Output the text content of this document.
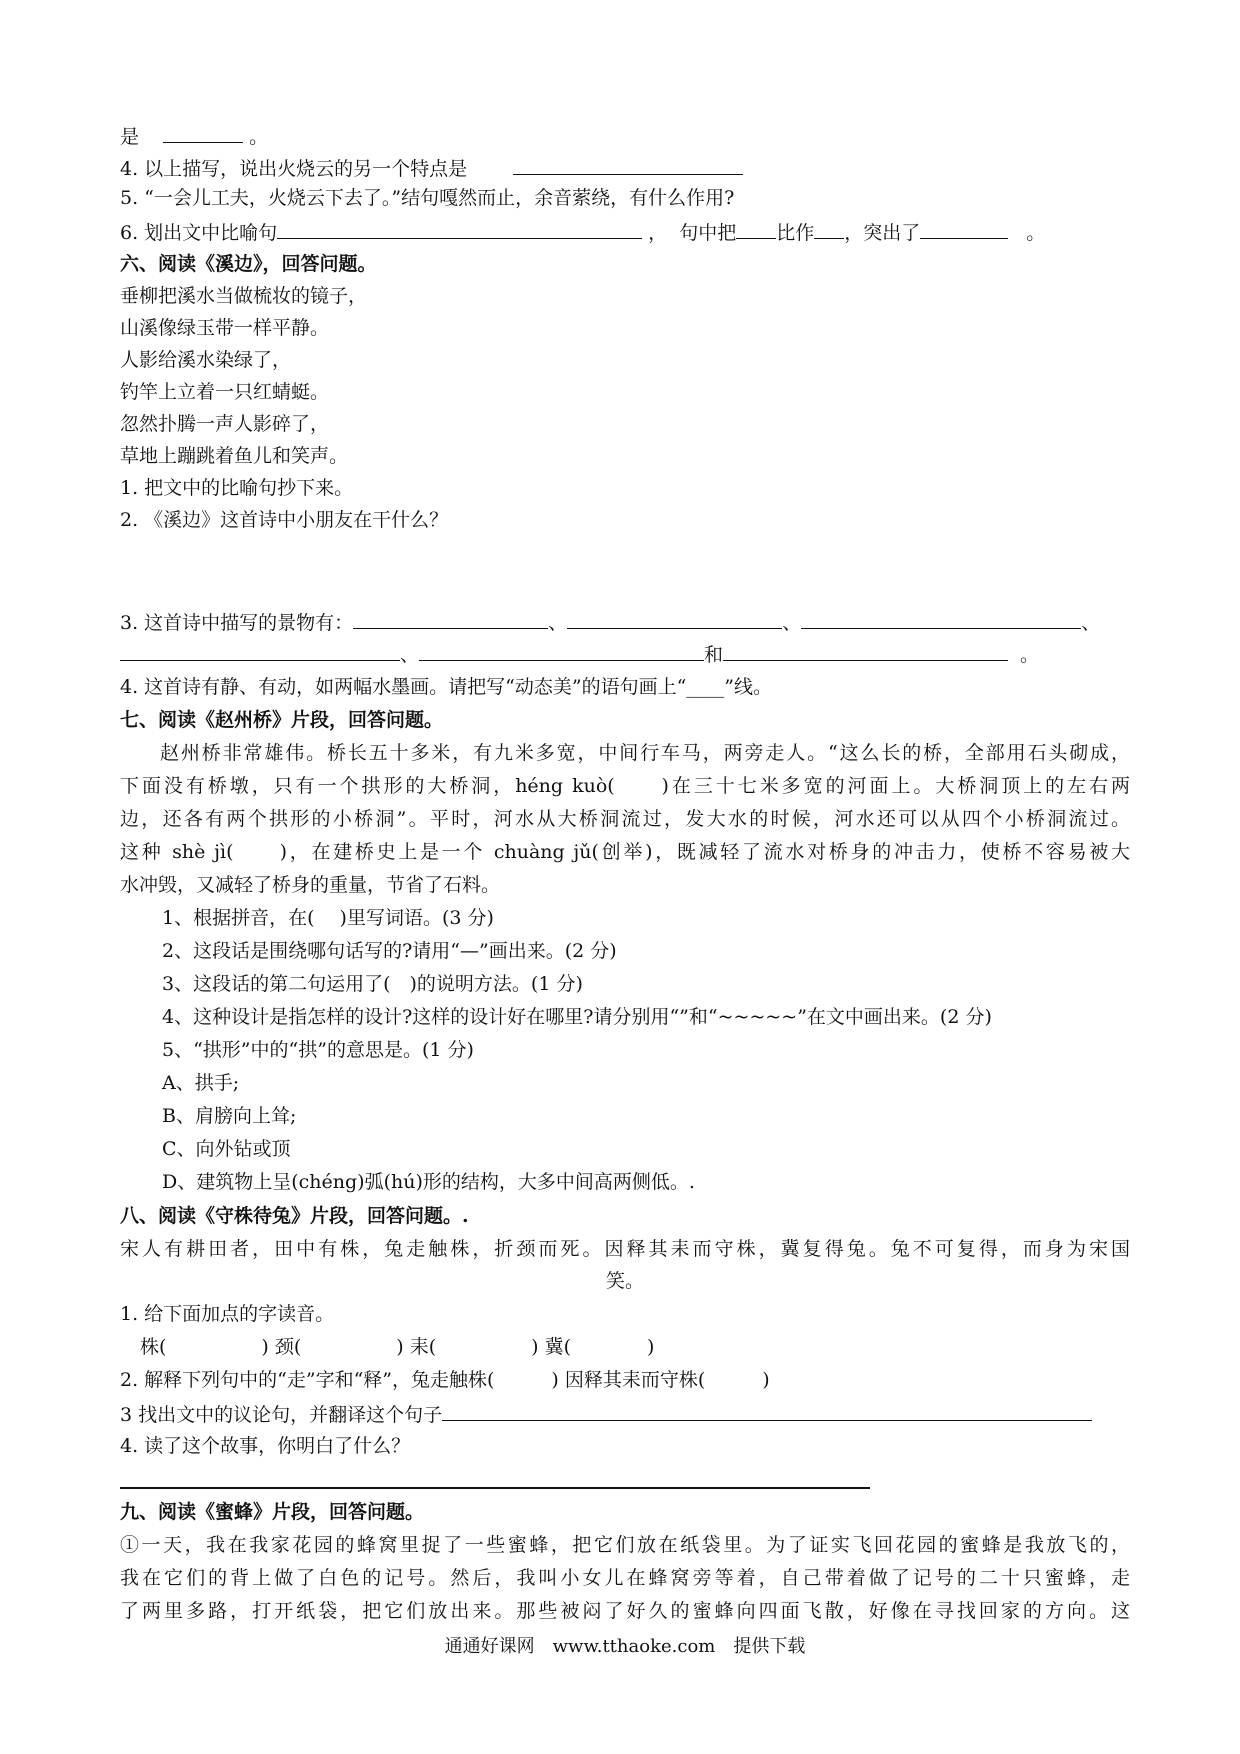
是	。
4. 以上描写，说出火烧云的另一个特点是
5. “一会儿工夫，火烧云下去了。”结句嘎然而止，余音萦绕，有什么作用?
6. 划出文中比喻句	， 句中把 比作 ，突出了	。
六、阅读《溪边》，回答问题。
垂柳把溪水当做梳妆的镜子，
山溪像绿玉带一样平静。
人影给溪水染绿了，
钓竿上立着一只红蜻蜓。
忽然扑腾一声人影碎了，
草地上蹦跳着鱼儿和笑声。
1. 把文中的比喻句抄下来。
2. 《溪边》这首诗中小朋友在干什么？
3. 这首诗中描写的景物有：	、	、	、
、	和	。
4. 这首诗有静、有动，如两幅水墨画。请把写“动态美”的语句画上“____”线。
七、阅读《赵州桥》片段，回答问题。
赵州桥非常雄伟。桥长五十多米，有九米多宽，中间行车马，两旁走人。“这么长的桥，全部用石头砌成，
下面没有桥墩，只有一个拱形的大桥洞，héng kuò(　　)在三十七米多宽的河面上。大桥洞顶上的左右两
边，还各有两个拱形的小桥洞”。平时，河水从大桥洞流过，发大水的时候，河水还可以从四个小桥洞流过。
这种 shè jì(　　)，在建桥史上是一个 chuàng jǔ(创举)，既减轻了流水对桥身的冲击力，使桥不容易被大
水冲毁，又减轻了桥身的重量，节省了石料。
1、根据拼音，在(　 )里写词语。(3 分)
2、这段话是围绕哪句话写的?请用“—”画出来。(2 分)
3、这段话的第二句运用了(　)的说明方法。(1 分)
4、这种设计是指怎样的设计?这样的设计好在哪里?请分别用“”和“~~~~~”在文中画出来。(2 分)
5、“拱形”中的“拱”的意思是。(1 分)
A、拱手;
B、肩膀向上耸;
C、向外钻或顶
D、建筑物上呈(chéng)弧(hú)形的结构，大多中间高两侧低。.
八、阅读《守株待兔》片段，回答问题。.
宋人有耕田者，田中有株，兔走触株，折颈而死。因释其耒而守株，冀复得兔。兔不可复得，而身为宋国
笑。
1. 给下面加点的字读音。
株(　　　　　) 颈(　　　　　) 耒(　　　　　) 冀(　　　　)
2. 解释下列句中的“走”字和“释”，兔走触株(　　　) 因释其耒而守株(　　　)
3 找出文中的议论句，并翻译这个句子
4. 读了这个故事，你明白了什么？
九、阅读《蜜蜂》片段，回答问题。
①一天，我在我家花园的蜂窝里捉了一些蜜蜂，把它们放在纸袋里。为了证实飞回花园的蜜蜂是我放飞的，
我在它们的背上做了白色的记号。然后，我叫小女儿在蜂窝旁等着，自己带着做了记号的二十只蜜蜂，走
了两里多路，打开纸袋，把它们放出来。那些被闷了好久的蜜蜂向四面飞散，好像在寻找回家的方向。这
通通好课网　www.tthaoke.com　提供下载
